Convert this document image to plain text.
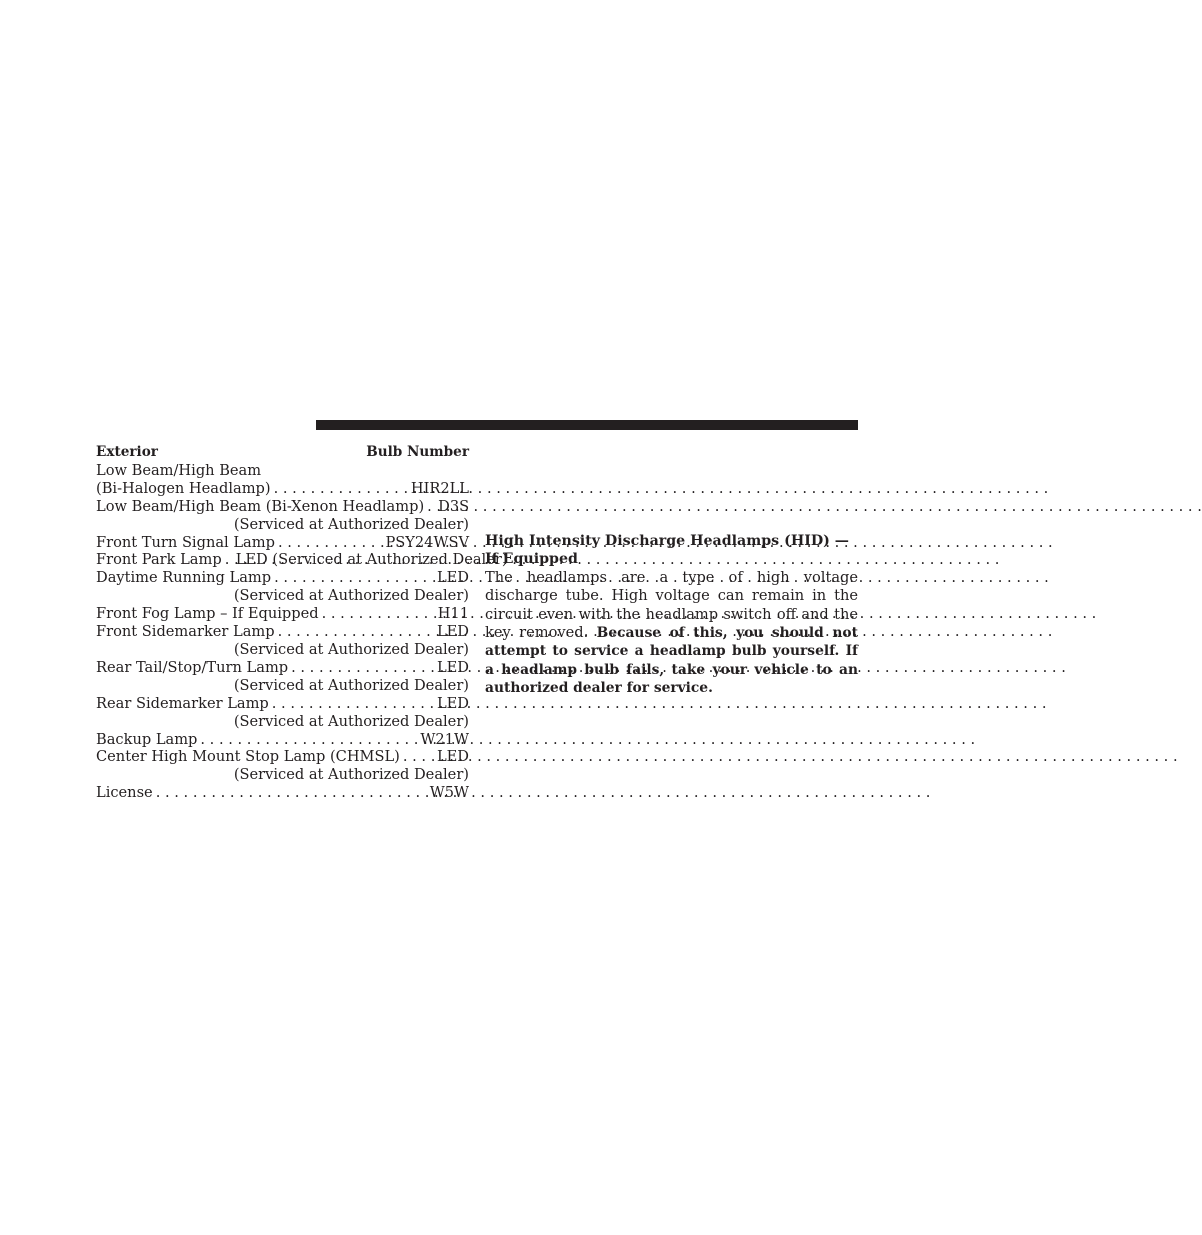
Exterior	Bulb Number
Low Beam/High Beam
(Bi-Halogen Headlamp) . . .	HIR2LL
Low Beam/High Beam (Bi-Xenon Headlamp) . . . D3S
(Serviced at Authorized Dealer)
Front Turn Signal Lamp . . .	PSY24WSV
Front Park Lamp . . . LED (Serviced at Authorized Dealer)
Daytime Running Lamp . . .	LED
(Serviced at Authorized Dealer)
Front Fog Lamp – If Equipped . . .	H11
Front Sidemarker Lamp . . .	LED
(Serviced at Authorized Dealer)
Rear Tail/Stop/Turn Lamp . . .	LED
(Serviced at Authorized Dealer)
Rear Sidemarker Lamp . . .	LED
(Serviced at Authorized Dealer)
Backup Lamp . . .	W21W
Center High Mount Stop Lamp (CHMSL) . . .	LED
(Serviced at Authorized Dealer)
License . . .	W5W
High Intensity Discharge Headlamps (HID) — If Equipped

The headlamps are a type of high voltage discharge tube. High voltage can remain in the circuit even with the headlamp switch off and the key removed. Because of this, you should not attempt to service a headlamp bulb yourself. If a headlamp bulb fails, take your vehicle to an authorized dealer for service.
